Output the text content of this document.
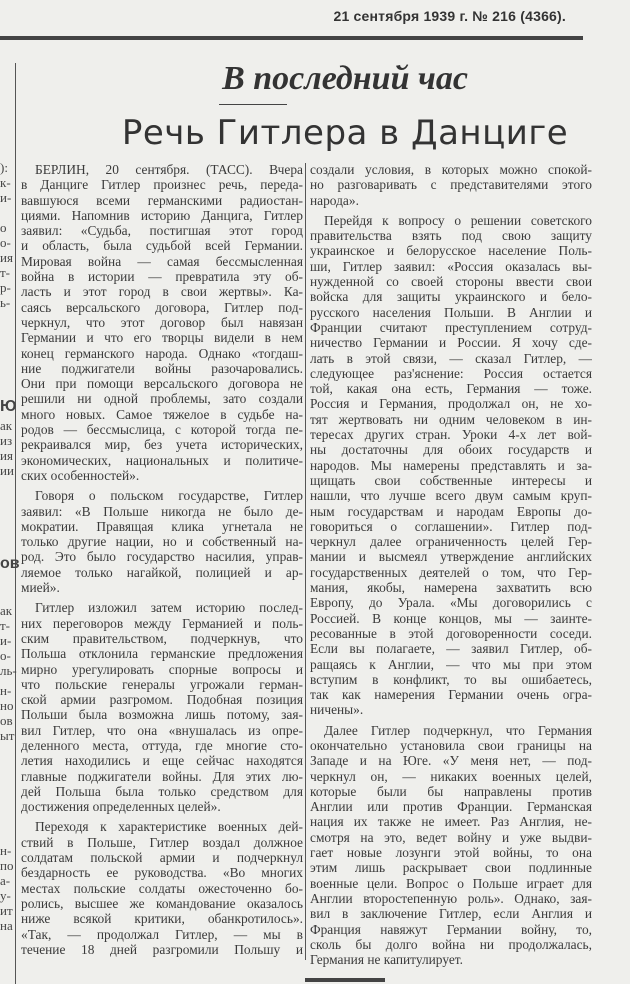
21 сентября 1939 г. № 216 (4366).
):
к-
и-
о
о-
ия
т-
р-
ь-
Ю
ак
из
ия
ии
ов
ак
т-
и-
о-
ль-
н-
но
ов
ыт
н-
по
а-
у-
ит
на
В последний час
Речь Гитлера в Данциге
БЕРЛИН, 20 сентября. (ТАСС). Вчера
в Данциге Гитлер произнес речь, переда-
вавшуюся всеми германскими радиостан-
циями. Напомнив историю Данцига, Гитлер
заявил: «Судьба, постигшая этот город
и область, была судьбой всей Германии.
Мировая война — самая бессмысленная
война в истории — превратила эту об-
ласть и этот город в свои жертвы». Ка-
саясь версальского договора, Гитлер под-
черкнул, что этот договор был навязан
Германии и что его творцы видели в нем
конец германского народа. Однако «тогдаш-
ние поджигатели войны разочаровались.
Они при помощи версальского договора не
решили ни одной проблемы, зато создали
много новых. Самое тяжелое в судьбе на-
родов — бессмыслица, с которой тогда пе-
рекраивался мир, без учета исторических,
экономических, национальных и политиче-
ских особенностей».
Говоря о польском государстве, Гитлер
заявил: «В Польше никогда не было де-
мократии. Правящая клика угнетала не
только другие нации, но и собственный на-
род. Это было государство насилия, управ-
ляемое только нагайкой, полицией и ар-
мией».
Гитлер изложил затем историю послед-
них переговоров между Германией и поль-
ским правительством, подчеркнув, что
Польша отклонила германские предложения
мирно урегулировать спорные вопросы и
что польские генералы угрожали герман-
ской армии разгромом. Подобная позиция
Польши была возможна лишь потому, зая-
вил Гитлер, что она «внушалась из опре-
деленного места, оттуда, где многие сто-
летия находились и еще сейчас находятся
главные поджигатели войны. Для этих лю-
дей Польша была только средством для
достижения определенных целей».
Переходя к характеристике военных дей-
ствий в Польше, Гитлер воздал должное
солдатам польской армии и подчеркнул
бездарность ее руководства. «Во многих
местах польские солдаты ожесточенно бо-
ролись, высшее же командование оказалось
ниже всякой критики, обанкротилось».
«Так, — продолжал Гитлер, — мы в
течение 18 дней разгромили Польшу и
создали условия, в которых можно спокой-
но разговаривать с представителями этого
народа».
Перейдя к вопросу о решении советского
правительства взять под свою защиту
украинское и белорусское население Поль-
ши, Гитлер заявил: «Россия оказалась вы-
нужденной со своей стороны ввести свои
войска для защиты украинского и бело-
русского населения Польши. В Англии и
Франции считают преступлением сотруд-
ничество Германии и России. Я хочу сде-
лать в этой связи, — сказал Гитлер, —
следующее раз'яснение: Россия остается
той, какая она есть, Германия — тоже.
Россия и Германия, продолжал он, не хо-
тят жертвовать ни одним человеком в ин-
тересах других стран. Уроки 4-х лет вой-
ны достаточны для обоих государств и
народов. Мы намерены представлять и за-
щищать свои собственные интересы и
нашли, что лучше всего двум самым круп-
ным государствам и народам Европы до-
говориться о соглашении». Гитлер под-
черкнул далее ограниченность целей Гер-
мании и высмеял утверждение английских
государственных деятелей о том, что Гер-
мания, якобы, намерена захватить всю
Европу, до Урала. «Мы договорились с
Россией. В конце концов, мы — заинте-
ресованные в этой договоренности соседи.
Если вы полагаете, — заявил Гитлер, об-
ращаясь к Англии, — что мы при этом
вступим в конфликт, то вы ошибаетесь,
так как намерения Германии очень огра-
ничены».
Далее Гитлер подчеркнул, что Германия
окончательно установила свои границы на
Западе и на Юге. «У меня нет, — под-
черкнул он, — никаких военных целей,
которые были бы направлены против
Англии или против Франции. Германская
нация их также не имеет. Раз Англия, не-
смотря на это, ведет войну и уже выдви-
гает новые лозунги этой войны, то она
этим лишь раскрывает свои подлинные
военные цели. Вопрос о Польше играет для
Англии второстепенную роль». Однако, зая-
вил в заключение Гитлер, если Англия и
Франция навяжут Германии войну, то,
сколь бы долго война ни продолжалась,
Германия не капитулирует.
